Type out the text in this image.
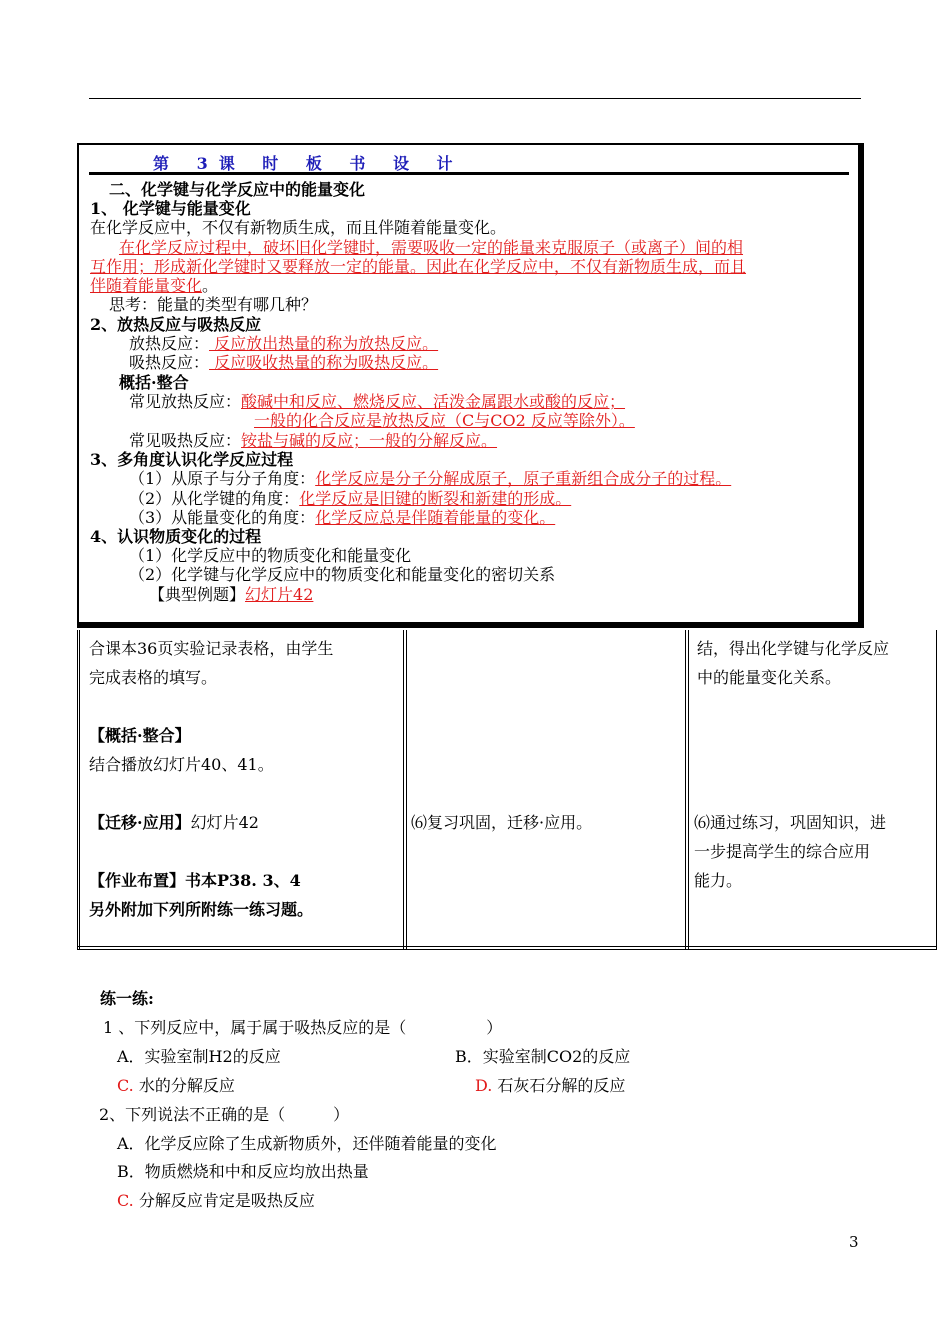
第 3课 时 板 书 设 计
二、化学键与化学反应中的能量变化
1、 化学键与能量变化
在化学反应中，不仅有新物质生成，而且伴随着能量变化。
在化学反应过程中，破坏旧化学键时，需要吸收一定的能量来克服原子（或离子）间的相
互作用；形成新化学键时又要释放一定的能量。因此在化学反应中，不仅有新物质生成，而且
伴随着能量变化。
思考：能量的类型有哪几种？
2、放热反应与吸热反应
放热反应： 反应放出热量的称为放热反应。
吸热反应： 反应吸收热量的称为吸热反应。
概括·整合
常见放热反应：酸碱中和反应、燃烧反应、活泼金属跟水或酸的反应；
一般的化合反应是放热反应（C与CO2 反应等除外）。
常见吸热反应：铵盐与碱的反应；一般的分解反应。
3、多角度认识化学反应过程
（1）从原子与分子角度：化学反应是分子分解成原子，原子重新组合成分子的过程。
（2）从化学键的角度：化学反应是旧键的断裂和新建的形成。
（3）从能量变化的角度：化学反应总是伴随着能量的变化。
4、认识物质变化的过程
（1）化学反应中的物质变化和能量变化
（2）化学键与化学反应中的物质变化和能量变化的密切关系
【典型例题】幻灯片42
合课本36页实验记录表格，由学生
完成表格的填写。
【概括·整合】
结合播放幻灯片40、41。
【迁移·应用】幻灯片42
【作业布置】书本P38. 3、4
另外附加下列所附练一练习题。
⑹复习巩固，迁移·应用。
结，得出化学键与化学反应
中的能量变化关系。
⑹通过练习，巩固知识，进
一步提高学生的综合应用
能力。
练一练:
1 、下列反应中，属于属于吸热反应的是（　　　　　）
A．实验室制H2的反应	B．实验室制CO2的反应
C. 水的分解反应	D. 石灰石分解的反应
2、下列说法不正确的是（　　　）
A．化学反应除了生成新物质外，还伴随着能量的变化
B．物质燃烧和中和反应均放出热量
C. 分解反应肯定是吸热反应
3
